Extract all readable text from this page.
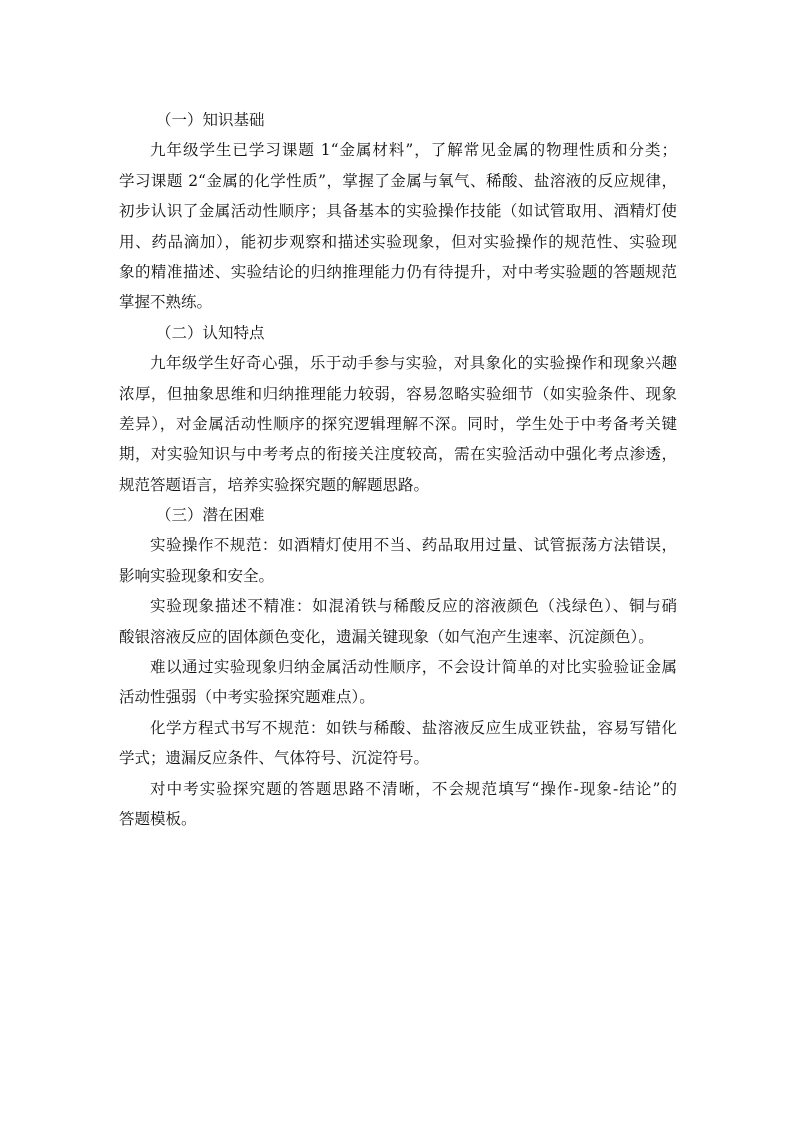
（一）知识基础
九年级学生已学习课题 1“金属材料”，了解常见金属的物理性质和分类；
学习课题 2“金属的化学性质”，掌握了金属与氧气、稀酸、盐溶液的反应规律，
初步认识了金属活动性顺序；具备基本的实验操作技能（如试管取用、酒精灯使
用、药品滴加），能初步观察和描述实验现象，但对实验操作的规范性、实验现
象的精准描述、实验结论的归纳推理能力仍有待提升，对中考实验题的答题规范
掌握不熟练。
（二）认知特点
九年级学生好奇心强，乐于动手参与实验，对具象化的实验操作和现象兴趣
浓厚，但抽象思维和归纳推理能力较弱，容易忽略实验细节（如实验条件、现象
差异），对金属活动性顺序的探究逻辑理解不深。同时，学生处于中考备考关键
期，对实验知识与中考考点的衔接关注度较高，需在实验活动中强化考点渗透，
规范答题语言，培养实验探究题的解题思路。
（三）潜在困难
实验操作不规范：如酒精灯使用不当、药品取用过量、试管振荡方法错误，
影响实验现象和安全。
实验现象描述不精准：如混淆铁与稀酸反应的溶液颜色（浅绿色）、铜与硝
酸银溶液反应的固体颜色变化，遗漏关键现象（如气泡产生速率、沉淀颜色）。
难以通过实验现象归纳金属活动性顺序，不会设计简单的对比实验验证金属
活动性强弱（中考实验探究题难点）。
化学方程式书写不规范：如铁与稀酸、盐溶液反应生成亚铁盐，容易写错化
学式；遗漏反应条件、气体符号、沉淀符号。
对中考实验探究题的答题思路不清晰，不会规范填写“操作-现象-结论”的
答题模板。
